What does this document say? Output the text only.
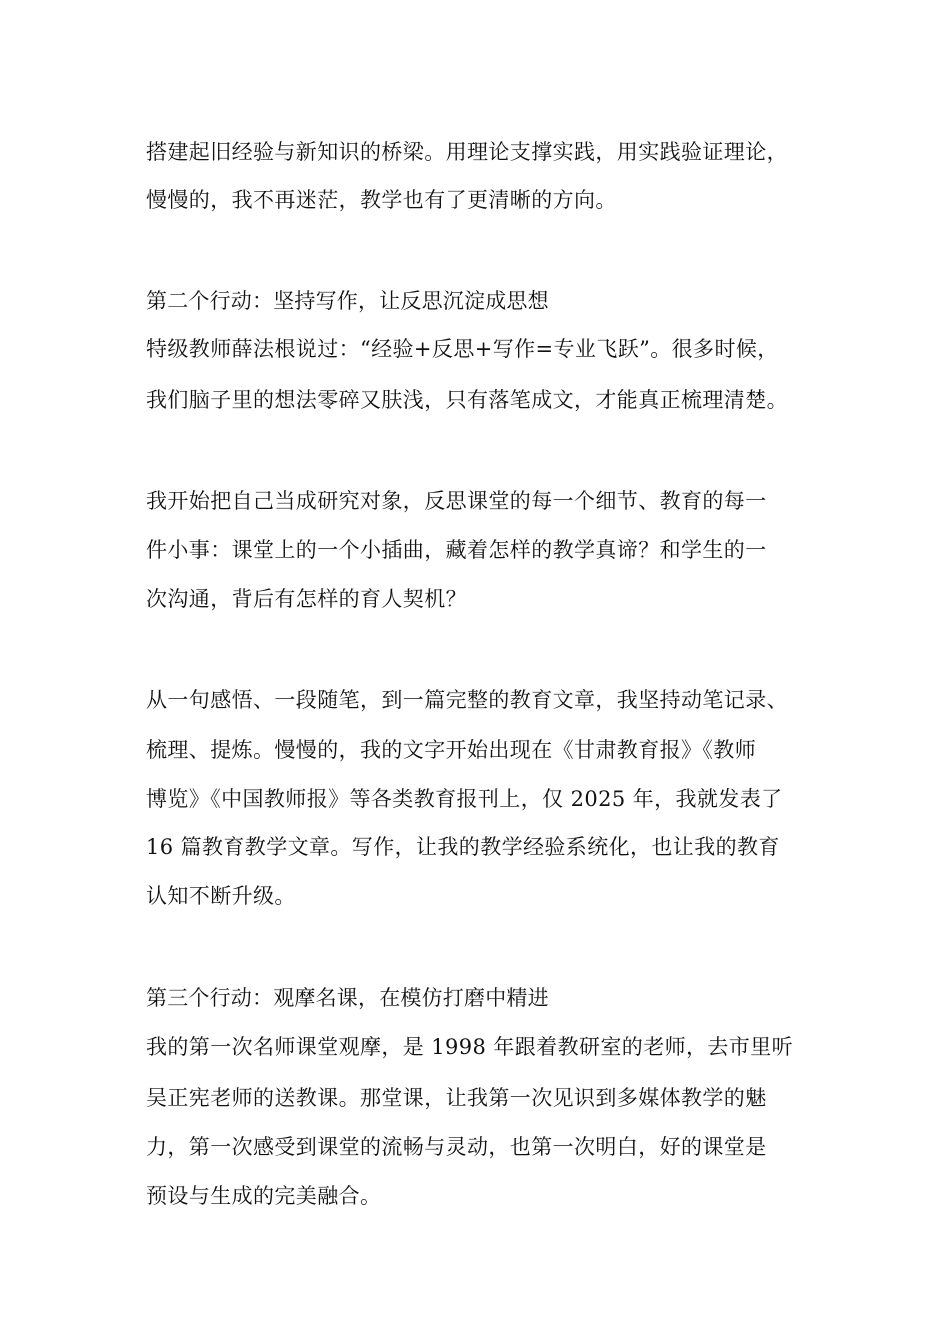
搭建起旧经验与新知识的桥梁。用理论支撑实践，用实践验证理论，
慢慢的，我不再迷茫，教学也有了更清晰的方向。
第二个行动：坚持写作，让反思沉淀成思想
特级教师薛法根说过：“经验+反思+写作=专业飞跃”。很多时候，
我们脑子里的想法零碎又肤浅，只有落笔成文，才能真正梳理清楚。
我开始把自己当成研究对象，反思课堂的每一个细节、教育的每一
件小事：课堂上的一个小插曲，藏着怎样的教学真谛？和学生的一
次沟通，背后有怎样的育人契机？
从一句感悟、一段随笔，到一篇完整的教育文章，我坚持动笔记录、
梳理、提炼。慢慢的，我的文字开始出现在《甘肃教育报》《教师
博览》《中国教师报》等各类教育报刊上，仅 2025 年，我就发表了
16 篇教育教学文章。写作，让我的教学经验系统化，也让我的教育
认知不断升级。
第三个行动：观摩名课，在模仿打磨中精进
我的第一次名师课堂观摩，是 1998 年跟着教研室的老师，去市里听
吴正宪老师的送教课。那堂课，让我第一次见识到多媒体教学的魅
力，第一次感受到课堂的流畅与灵动，也第一次明白，好的课堂是
预设与生成的完美融合。
